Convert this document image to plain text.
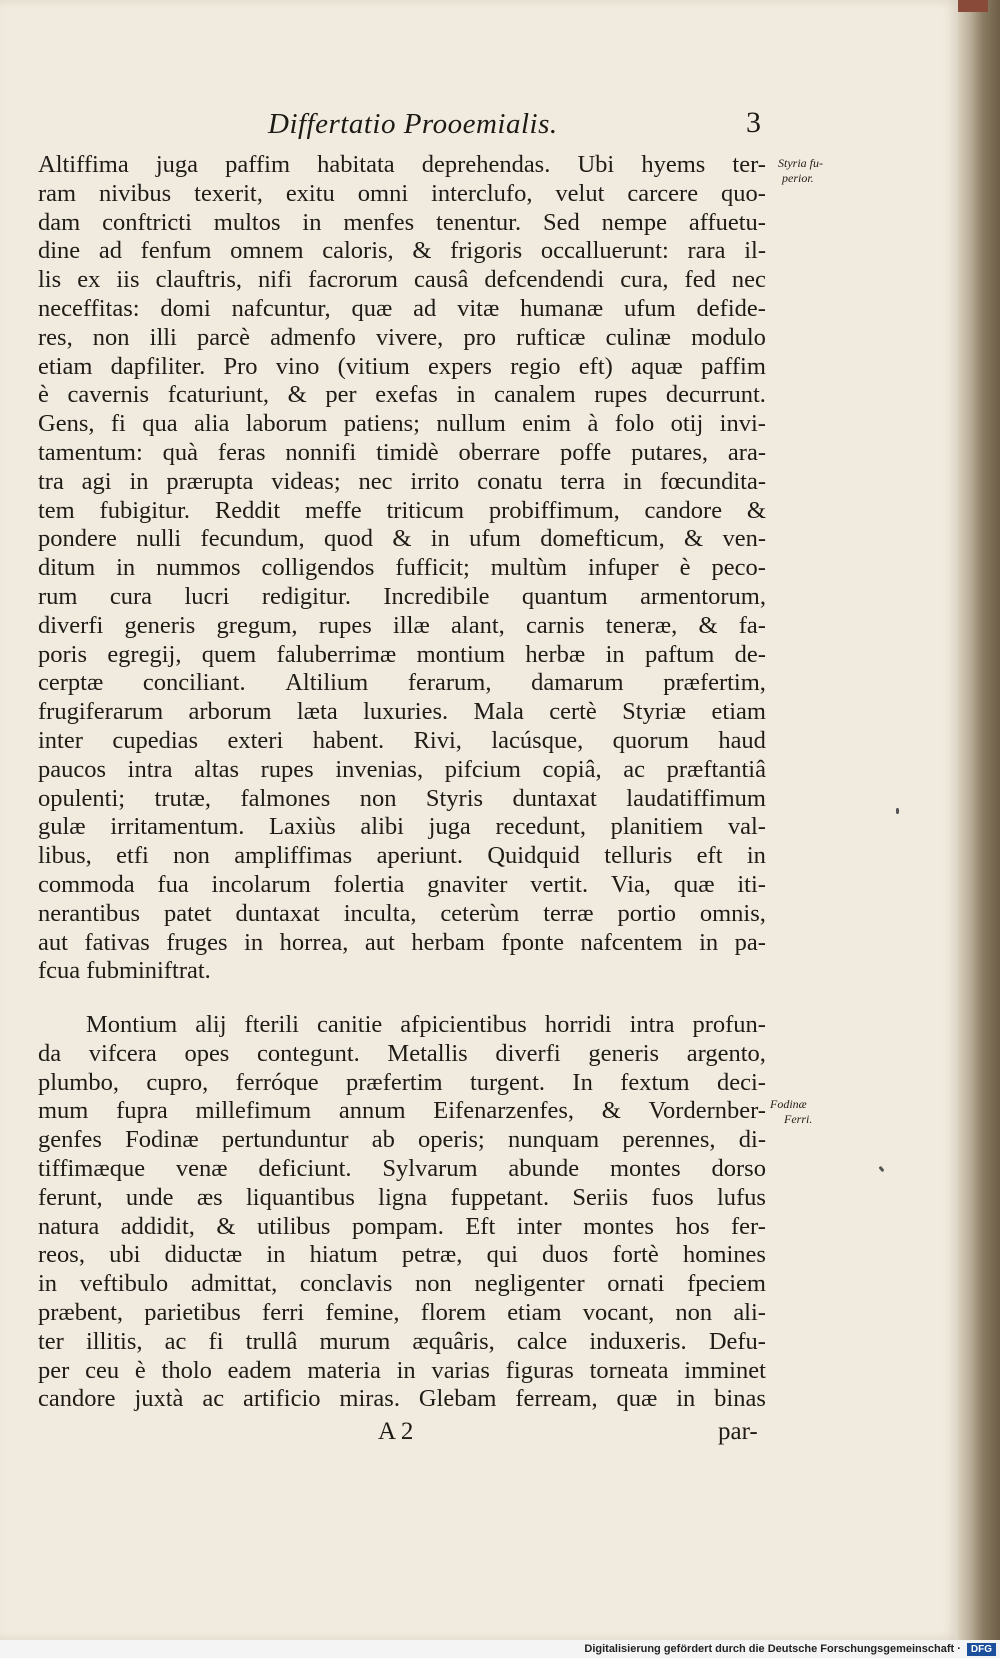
Differtatio Prooemialis.	3
Altiffima juga paffim habitata deprehendas. Ubi hyems ter-
ram nivibus texerit, exitu omni interclufo, velut carcere quo-
dam conftricti multos in menfes tenentur. Sed nempe affuetu-
dine ad fenfum omnem caloris, & frigoris occalluerunt: rara il-
lis ex iis clauftris, nifi facrorum causâ defcendendi cura, fed nec
neceffitas: domi nafcuntur, quæ ad vitæ humanæ ufum defide-
res, non illi parcè admenfo vivere, pro rufticæ culinæ modulo
etiam dapfiliter. Pro vino (vitium expers regio eft) aquæ paffim
è cavernis fcaturiunt, & per exefas in canalem rupes decurrunt.
Gens, fi qua alia laborum patiens; nullum enim à folo otij invi-
tamentum: quà feras nonnifi timidè oberrare poffe putares, ara-
tra agi in prærupta videas; nec irrito conatu terra in fœcundita-
tem fubigitur. Reddit meffe triticum probiffimum, candore &
pondere nulli fecundum, quod & in ufum domefticum, & ven-
ditum in nummos colligendos fufficit; multùm infuper è peco-
rum cura lucri redigitur. Incredibile quantum armentorum,
diverfi generis gregum, rupes illæ alant, carnis teneræ, & fa-
poris egregij, quem faluberrimæ montium herbæ in paftum de-
cerptæ conciliant. Altilium ferarum, damarum præfertim,
frugiferarum arborum læta luxuries. Mala certè Styriæ etiam
inter cupedias exteri habent. Rivi, lacúsque, quorum haud
paucos intra altas rupes invenias, pifcium copiâ, ac præftantiâ
opulenti; trutæ, falmones non Styris duntaxat laudatiffimum
gulæ irritamentum. Laxiùs alibi juga recedunt, planitiem val-
libus, etfi non ampliffimas aperiunt. Quidquid telluris eft in
commoda fua incolarum folertia gnaviter vertit. Via, quæ iti-
nerantibus patet duntaxat inculta, ceterùm terræ portio omnis,
aut fativas fruges in horrea, aut herbam fponte nafcentem in pa-
fcua fubminiftrat.
Montium alij fterili canitie afpicientibus horridi intra profun-
da vifcera opes contegunt. Metallis diverfi generis argento,
plumbo, cupro, ferróque præfertim turgent. In fextum deci-
mum fupra millefimum annum Eifenarzenfes, & Vordernber-
genfes Fodinæ pertunduntur ab operis; nunquam perennes, di-
tiffimæque venæ deficiunt. Sylvarum abunde montes dorso
ferunt, unde æs liquantibus ligna fuppetant. Seriis fuos lufus
natura addidit, & utilibus pompam. Eft inter montes hos fer-
reos, ubi diductæ in hiatum petræ, qui duos fortè homines
in veftibulo admittat, conclavis non negligenter ornati fpeciem
præbent, parietibus ferri femine, florem etiam vocant, non ali-
ter illitis, ac fi trullâ murum æquâris, calce induxeris. Defu-
per ceu è tholo eadem materia in varias figuras torneata imminet
candore juxtà ac artificio miras. Glebam ferream, quæ in binas
Styria fu-
perior.
Fodinæ
Ferri.
A 2	par-
Digitalisierung gefördert durch die Deutsche Forschungsgemeinschaft ·	DFG
